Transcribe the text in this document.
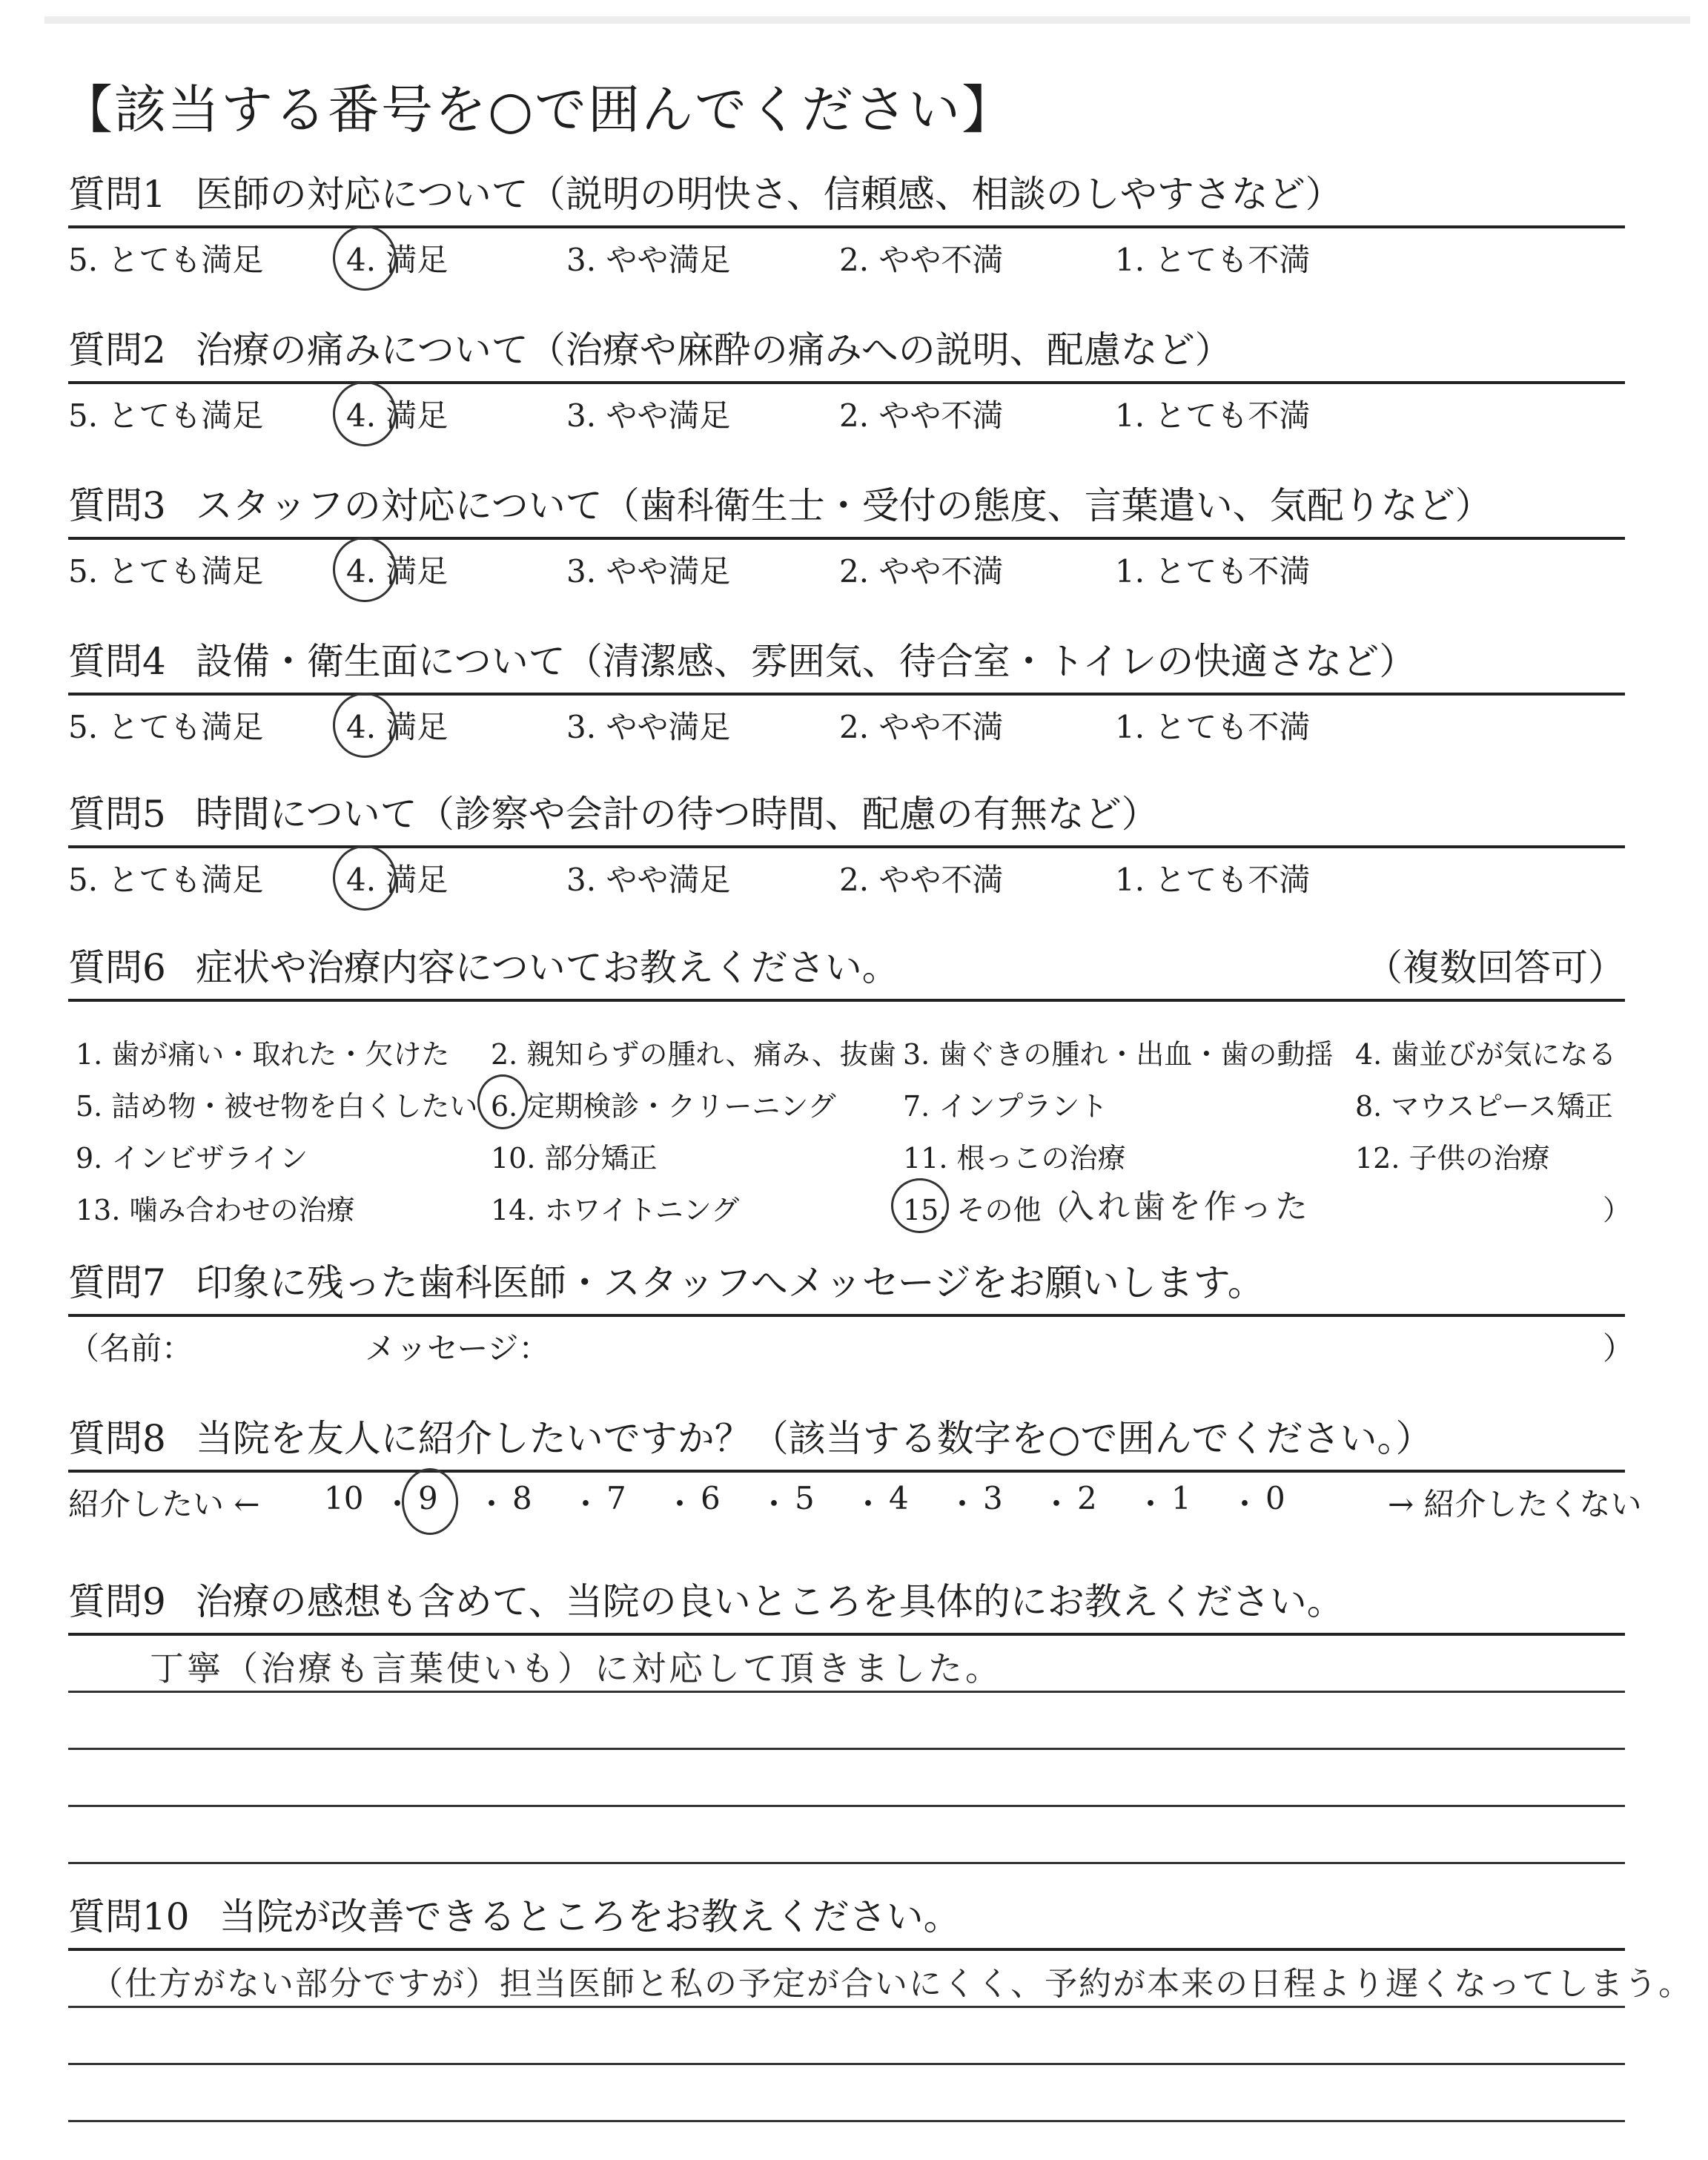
【該当する番号を○で囲んでください】
質問1 医師の対応について（説明の明快さ、信頼感、相談のしやすさなど）
5. とても満足	4. 満足	3. やや満足	2. やや不満	1. とても不満
質問2 治療の痛みについて（治療や麻酔の痛みへの説明、配慮など）
5. とても満足	4. 満足	3. やや満足	2. やや不満	1. とても不満
質問3 スタッフの対応について（歯科衛生士・受付の態度、言葉遣い、気配りなど）
5. とても満足	4. 満足	3. やや満足	2. やや不満	1. とても不満
質問4 設備・衛生面について（清潔感、雰囲気、待合室・トイレの快適さなど）
5. とても満足	4. 満足	3. やや満足	2. やや不満	1. とても不満
質問5 時間について（診察や会計の待つ時間、配慮の有無など）
5. とても満足	4. 満足	3. やや満足	2. やや不満	1. とても不満
質問6 症状や治療内容についてお教えください。	（複数回答可）
1. 歯が痛い・取れた・欠けた 2. 親知らずの腫れ、痛み、抜歯 3. 歯ぐきの腫れ・出血・歯の動揺 4. 歯並びが気になる
5. 詰め物・被せ物を白くしたい 6. 定期検診・クリーニング 7. インプラント	8. マウスピース矯正
9. インビザライン	10. 部分矯正	11. 根っこの治療	12. 子供の治療
13. 噛み合わせの治療	14. ホワイトニング	15. その他（
入れ歯を作った	）
質問7 印象に残った歯科医師・スタッフへメッセージをお願いします。
（名前：	メッセージ：	）
質問8 当院を友人に紹介したいですか？（該当する数字を○で囲んでください。）
紹介したい ←	→ 紹介したくない
10 ・ 9 ・ 8 ・ 7 ・ 6 ・ 5 ・ 4 ・ 3 ・ 2 ・ 1 ・ 0
質問9 治療の感想も含めて、当院の良いところを具体的にお教えください。
丁寧（治療も言葉使いも）に対応して頂きました。
質問10 当院が改善できるところをお教えください。
（仕方がない部分ですが）担当医師と私の予定が合いにくく、予約が本来の日程より遅くなってしまう。
